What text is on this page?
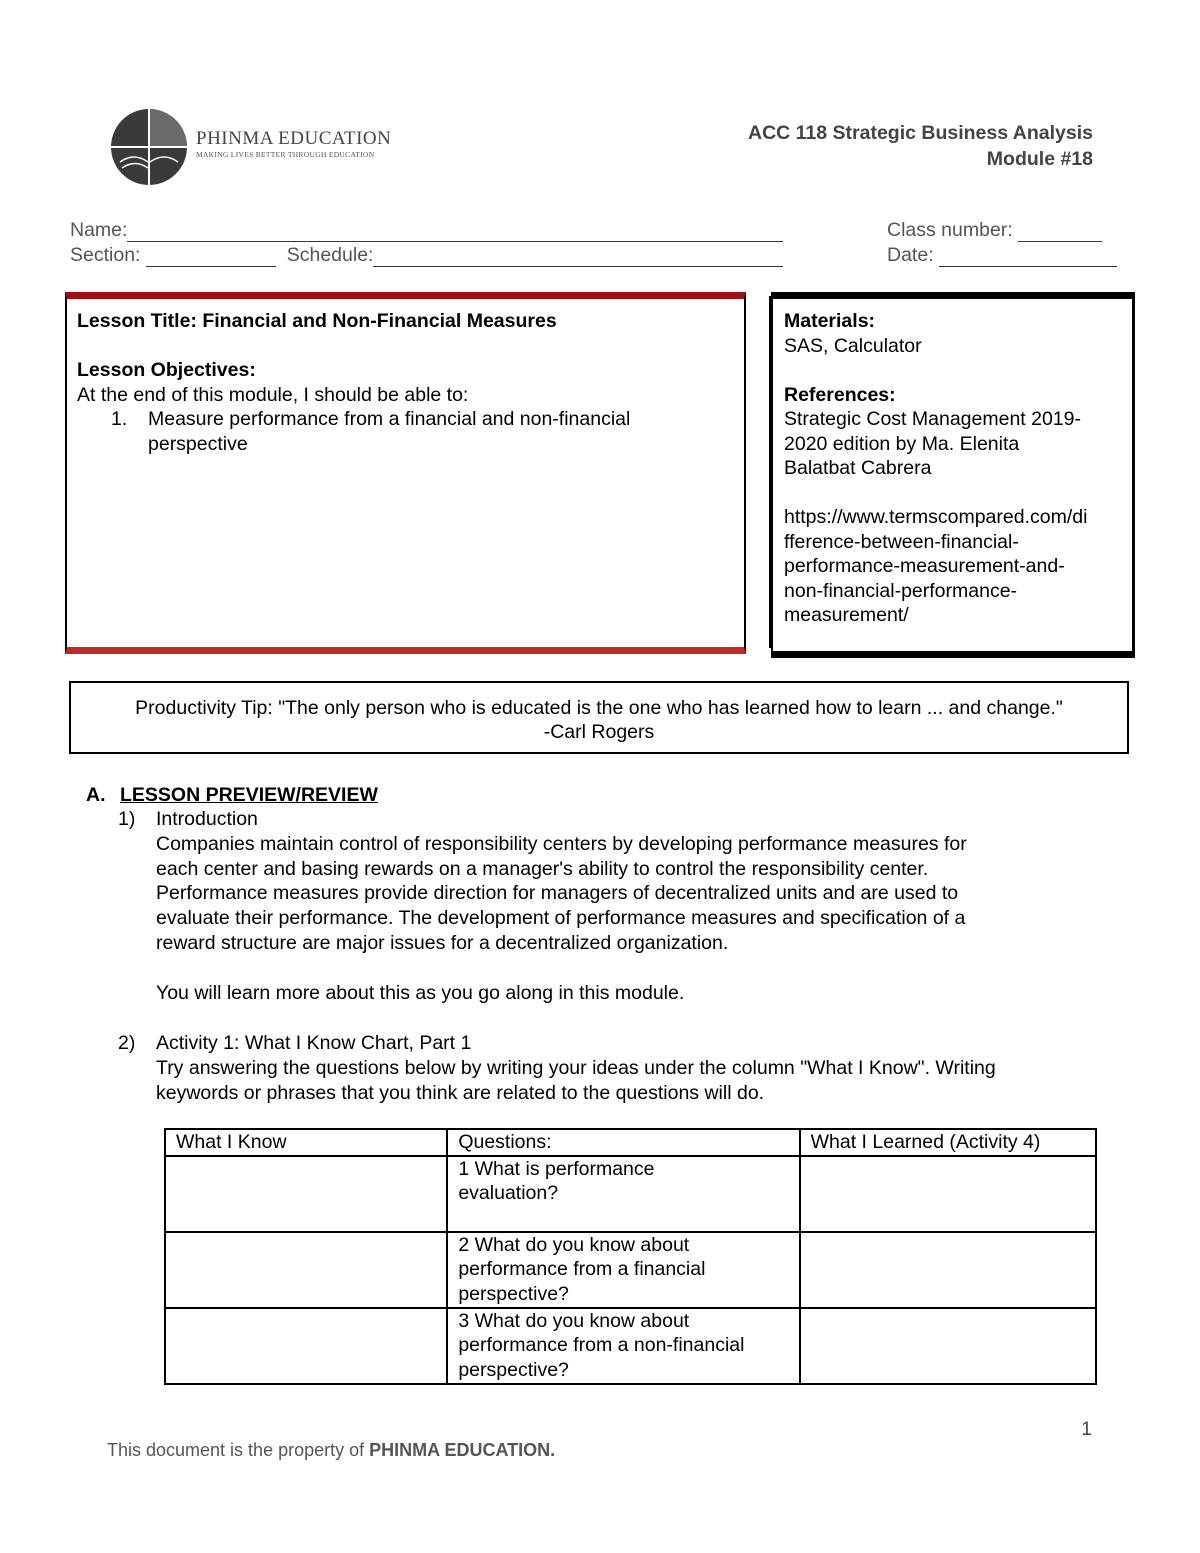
PHINMA EDUCATION
MAKING LIVES BETTER THROUGH EDUCATION
ACC 118 Strategic Business Analysis
Module #18
Name:	Class number:
Section:	Schedule:	Date:
Lesson Title: Financial and Non-Financial Measures
Lesson Objectives:
At the end of this module, I should be able to:
1. Measure performance from a financial and non-financial
perspective
Materials:
SAS, Calculator
References:
Strategic Cost Management 2019-
2020 edition by Ma. Elenita
Balatbat Cabrera
https://www.termscompared.com/di
fference-between-financial-
performance-measurement-and-
non-financial-performance-
measurement/
Productivity Tip: "The only person who is educated is the one who has learned how to learn ... and change."
-Carl Rogers
A. LESSON PREVIEW/REVIEW
1) Introduction
Companies maintain control of responsibility centers by developing performance measures for
each center and basing rewards on a manager's ability to control the responsibility center.
Performance measures provide direction for managers of decentralized units and are used to
evaluate their performance. The development of performance measures and specification of a
reward structure are major issues for a decentralized organization.
You will learn more about this as you go along in this module.
2) Activity 1: What I Know Chart, Part 1
Try answering the questions below by writing your ideas under the column "What I Know". Writing
keywords or phrases that you think are related to the questions will do.
What I Know	Questions:	What I Learned (Activity 4)

	1 What is performance
evaluation?	

	2 What do you know about
performance from a financial
perspective?	

	3 What do you know about
performance from a non-financial
perspective?	

1
This document is the property of PHINMA EDUCATION.
